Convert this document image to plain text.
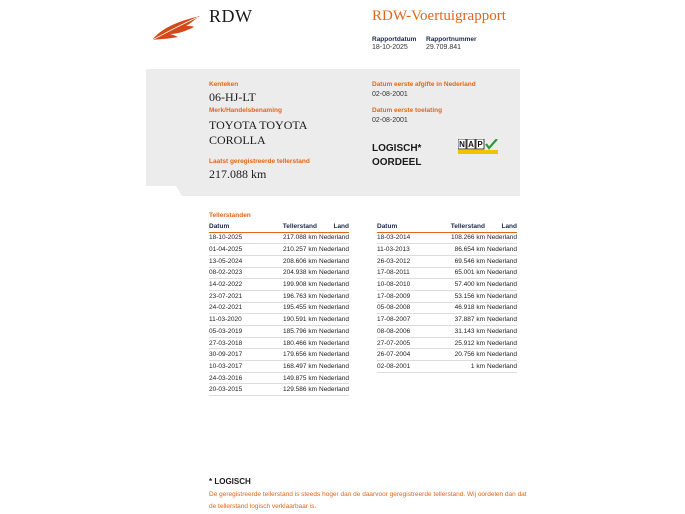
RDW	RDW-Voertuigrapport
Rapportdatum
18-10-2025
Rapportnummer
29.709.841
Kenteken
06-HJ-LT
Merk/Handelsbenaming
TOYOTA TOYOTA
COROLLA
Laatst geregistreerde tellerstand
217.088 km
Datum eerste afgifte in Nederland
02-08-2001
Datum eerste toelating
02-08-2001
LOGISCH*
OORDEEL
N A P
Tellerstanden
Datum	Tellerstand	Land
18-10-2025	217.088 km	Nederland
01-04-2025	210.257 km	Nederland
13-05-2024	208.606 km	Nederland
08-02-2023	204.938 km	Nederland
14-02-2022	199.908 km	Nederland
23-07-2021	196.763 km	Nederland
24-02-2021	195.455 km	Nederland
11-03-2020	190.591 km	Nederland
05-03-2019	185.796 km	Nederland
27-03-2018	180.466 km	Nederland
30-09-2017	179.656 km	Nederland
10-03-2017	168.497 km	Nederland
24-03-2016	149.875 km	Nederland
20-03-2015	129.586 km	Nederland
Datum	Tellerstand	Land
18-03-2014	108.266 km	Nederland
11-03-2013	86.654 km	Nederland
26-03-2012	69.546 km	Nederland
17-08-2011	65.001 km	Nederland
10-08-2010	57.400 km	Nederland
17-08-2009	53.156 km	Nederland
05-08-2008	46.918 km	Nederland
17-08-2007	37.887 km	Nederland
08-08-2006	31.143 km	Nederland
27-07-2005	25.912 km	Nederland
26-07-2004	20.756 km	Nederland
02-08-2001	1 km	Nederland
* LOGISCH
De geregistreerde tellerstand is steeds hoger dan de daarvoor geregistreerde tellerstand. Wij oordelen dan dat de tellerstand logisch verklaarbaar is.
